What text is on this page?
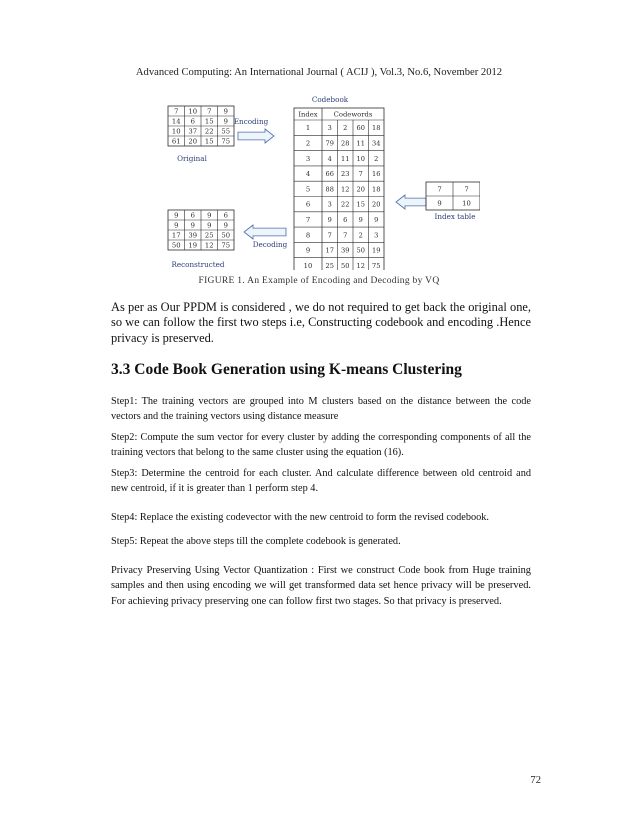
Advanced Computing: An International Journal ( ACIJ ), Vol.3, No.6, November 2012
7 10 7 9
14 6 15 9
10 37 22 55
61 20 15 75
Original
Encoding
Codebook
Index Codewords
1	3 2 60 18
2 79 28 11 34
3	4 11 10 2
4 66 23 7 16
5 88 12 20 18
6	3 22 15 20
7	9 6 9 9
8	7 7 2 3
9 17 39 50 19
10 25 50 12 75
7	7
9	10
Index table
9 6 9 6
9 9 9 9
17 39 25 50
50 19 12 75
Reconstructed
Decoding
FIGURE 1. An Example of Encoding and Decoding by VQ

As per as Our PPDM is considered , we do not required to get back the original one, so we can follow the first two steps i.e, Constructing codebook and encoding .Hence privacy is preserved.

3.3 Code Book Generation using K-means Clustering

Step1: The training vectors are grouped into M clusters based on the distance between the code vectors and the training vectors using distance measure

Step2: Compute the sum vector for every cluster by adding the corresponding components of all the training vectors that belong to the same cluster using the equation (16).

Step3: Determine the centroid for each cluster. And calculate difference between old centroid and new centroid, if it is greater than 1 perform step 4.

Step4: Replace the existing codevector with the new centroid to form the revised codebook.

Step5: Repeat the above steps till the complete codebook is generated.

Privacy Preserving Using Vector Quantization : First we construct Code book from Huge training samples and then using encoding we will get transformed data set hence privacy will be preserved. For achieving privacy preserving one can follow first two stages. So that privacy is preserved.

72
